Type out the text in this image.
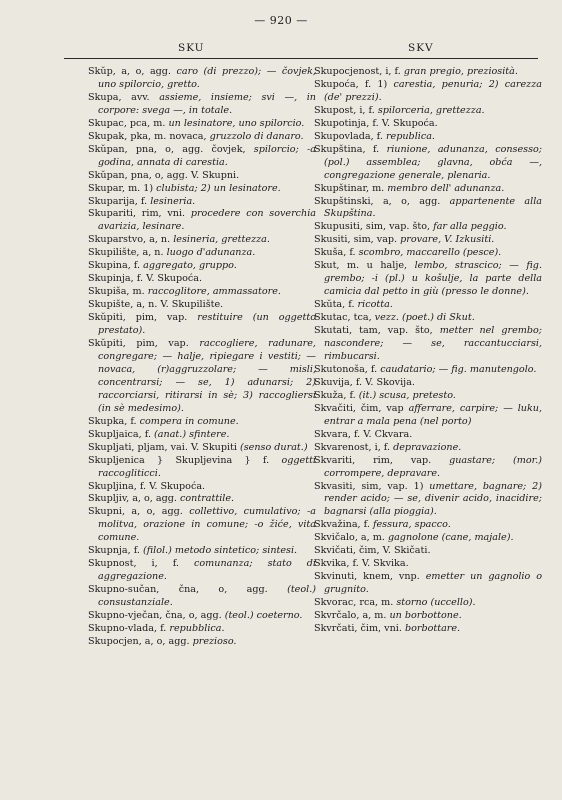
— 920 —
SKU	SKV
Skŭp, a, o, agg. caro (di prezzo); — čovjek, uno spilorcio, gretto.
Skupa, avv. assieme, insieme; svi —, in corpore: svega —, in totale.
Skupac, pca, m. un lesinatore, uno spilorcio.
Skupak, pka, m. novaca, gruzzolo di danaro.
Skŭpan, pna, o, agg. čovjek, spilorcio; -a godina, annata di carestia.
Skŭpan, pna, o, agg. V. Skupni.
Skupar, m. 1) clubista; 2) un lesinatore.
Skuparija, f. lesineria.
Skupariti, rim, vni. procedere con soverchia avarizia, lesinare.
Skuparstvo, a, n. lesineria, grettezza.
Skupilište, a, n. luogo d'adunanza.
Skupina, f. aggregato, gruppo.
Skupinja, f. V. Skupoća.
Skupiša, m. raccoglitore, ammassatore.
Skupište, a, n. V. Skupilište.
Skŭpiti, pim, vap. restituire (un oggetto prestato).
Skŭpiti, pim, vap. raccogliere, radunare, congregare; — halje, ripiegare i vestiti; — novaca, (r)aggruzzolare; — misli, concentrarsi; — se, 1) adunarsi; 2) raccorciarsi, ritirarsi in sè; 3) raccogliersi (in sè medesimo).
Skupka, f. compera in comune.
Skupljaica, f. (anat.) sfintere.
Skupljati, pljam, vai. V. Skupiti (senso durat.)
Skupljenica } Skupljevina } f. oggetti raccogliticci.
Skupljina, f. V. Skupoća.
Skupljiv, a, o, agg. contrattile.
Skupni, a, o, agg. collettivo, cumulativo; -a molitva, orazione in comune; -o žiće, vita comune.
Skupnja, f. (filol.) metodo sintetico; sintesi.
Skupnost, i, f. comunanza; stato di aggregazione.
Skupno-sučan, čna, o, agg. (teol.) consustanziale.
Skupno-vječan, čna, o, agg. (teol.) coeterno.
Skupno-vlada, f. repubblica.
Skupocjen, a, o, agg. prezioso.
Skupocjenost, i, f. gran pregio, preziosità.
Skupoća, f. 1) carestia, penuria; 2) carezza (de' prezzi).
Skupost, i, f. spilorceria, grettezza.
Skupotinja, f. V. Skupoća.
Skupovlada, f. republica.
Skupština, f. riunione, adunanza, consesso; (pol.) assemblea; glavna, obća —, congregazione generale, plenaria.
Skupštinar, m. membro dell' adunanza.
Skupštinski, a, o, agg. appartenente alla Skupština.
Skupusiti, sim, vap. što, far alla peggio.
Skusiti, sim, vap. provare, V. Izkusiti.
Skuša, f. scombro, maccarello (pesce).
Skut, m. u halje, lembo, strascico; — fig. grembo; -i (pl.) u košulje, la parte della camicia dal petto in giù (presso le donne).
Skŭta, f. ricotta.
Skutac, tca, vezz. (poet.) di Skut.
Skutati, tam, vap. što, metter nel grembo; nascondere; — se, raccantucciarsi, rimbucarsi.
Skutonoša, f. caudatario; — fig. manutengolo.
Skuvija, f. V. Skovija.
Skuža, f. (it.) scusa, pretesto.
Skvačiti, čim, vap afferrare, carpire; — luku, entrar a mala pena (nel porto)
Skvara, f. V. Ckvara.
Skvarenost, i, f. depravazione.
Skvariti, rim, vap. guastare; (mor.) corrompere, depravare.
Skvasiti, sim, vap. 1) umettare, bagnare; 2) render acido; — se, divenir acido, inacidire; bagnarsi (alla pioggia).
Skvažina, f. fessura, spacco.
Skvičalo, a, m. gagnolone (cane, majale).
Skvičati, čim, V. Skičati.
Skvika, f. V. Skvika.
Skvinuti, knem, vnp. emetter un gagnolio o grugnito.
Skvorac, rca, m. storno (uccello).
Skvrčalo, a, m. un borbottone.
Skvrčati, čim, vni. borbottare.
